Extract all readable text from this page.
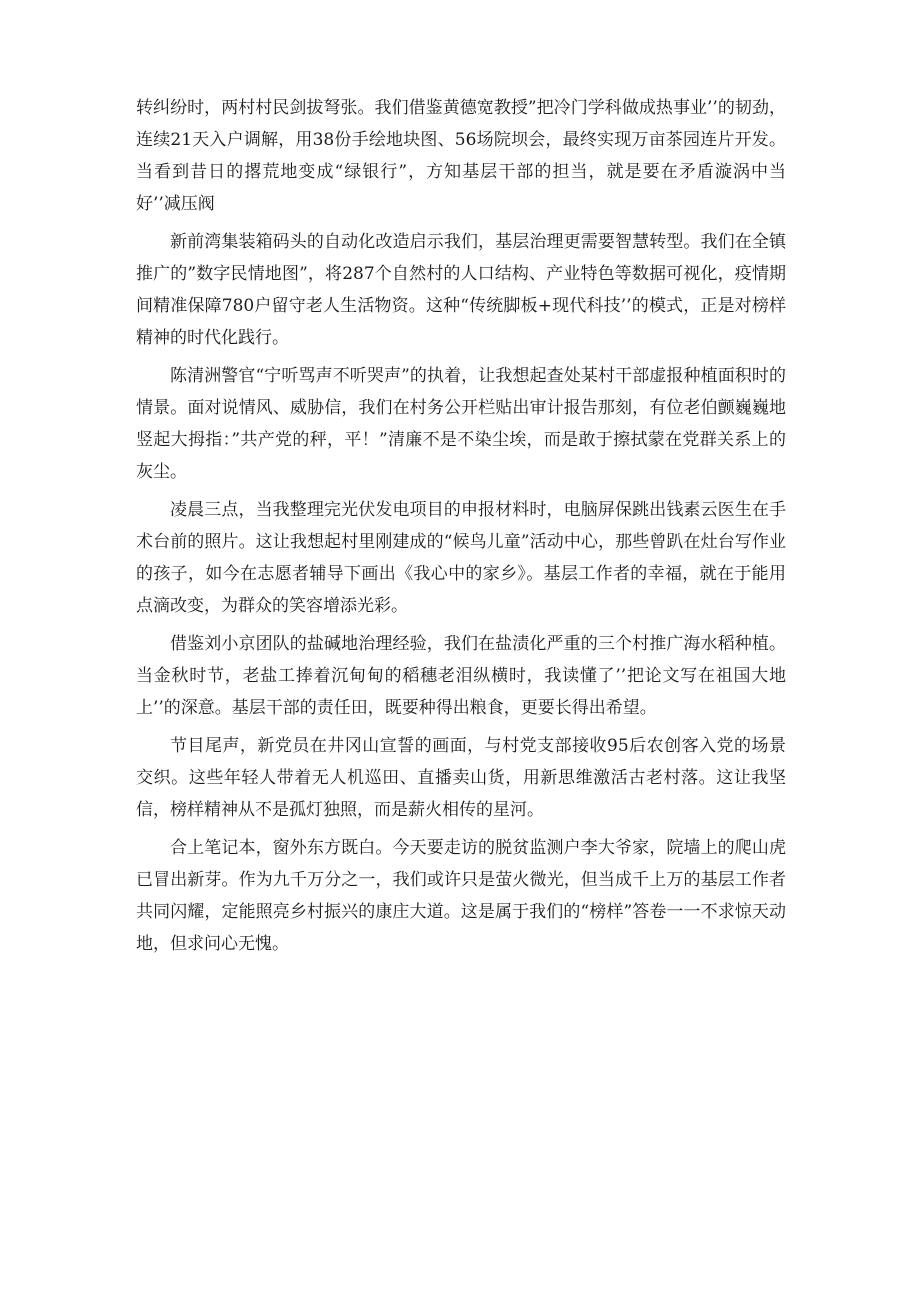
转纠纷时，两村村民剑拔弩张。我们借鉴黄德宽教授”把冷门学科做成热事业’’的韧劲，连续21天入户调解，用38份手绘地块图、56场院坝会，最终实现万亩茶园连片开发。当看到昔日的撂荒地变成“绿银行”，方知基层干部的担当，就是要在矛盾漩涡中当好’’减压阀

新前湾集装箱码头的自动化改造启示我们，基层治理更需要智慧转型。我们在全镇推广的”数字民情地图”，将287个自然村的人口结构、产业特色等数据可视化，疫情期间精准保障780户留守老人生活物资。这种“传统脚板+现代科技’’的模式，正是对榜样精神的时代化践行。

陈清洲警官“宁听骂声不听哭声”的执着，让我想起查处某村干部虚报种植面积时的情景。面对说情风、威胁信，我们在村务公开栏贴出审计报告那刻，有位老伯颤巍巍地竖起大拇指：”共产党的秤，平！”清廉不是不染尘埃，而是敢于擦拭蒙在党群关系上的灰尘。

凌晨三点，当我整理完光伏发电项目的申报材料时，电脑屏保跳出钱素云医生在手术台前的照片。这让我想起村里刚建成的“候鸟儿童”活动中心，那些曾趴在灶台写作业的孩子，如今在志愿者辅导下画出《我心中的家乡》。基层工作者的幸福，就在于能用点滴改变，为群众的笑容增添光彩。

借鉴刘小京团队的盐碱地治理经验，我们在盐渍化严重的三个村推广海水稻种植。当金秋时节，老盐工捧着沉甸甸的稻穗老泪纵横时，我读懂了’’把论文写在祖国大地上’’的深意。基层干部的责任田，既要种得出粮食，更要长得出希望。

节目尾声，新党员在井冈山宣誓的画面，与村党支部接收95后农创客入党的场景交织。这些年轻人带着无人机巡田、直播卖山货，用新思维激活古老村落。这让我坚信，榜样精神从不是孤灯独照，而是薪火相传的星河。

合上笔记本，窗外东方既白。今天要走访的脱贫监测户李大爷家，院墙上的爬山虎已冒出新芽。作为九千万分之一，我们或许只是萤火微光，但当成千上万的基层工作者共同闪耀，定能照亮乡村振兴的康庄大道。这是属于我们的“榜样”答卷一一不求惊天动地，但求问心无愧。
